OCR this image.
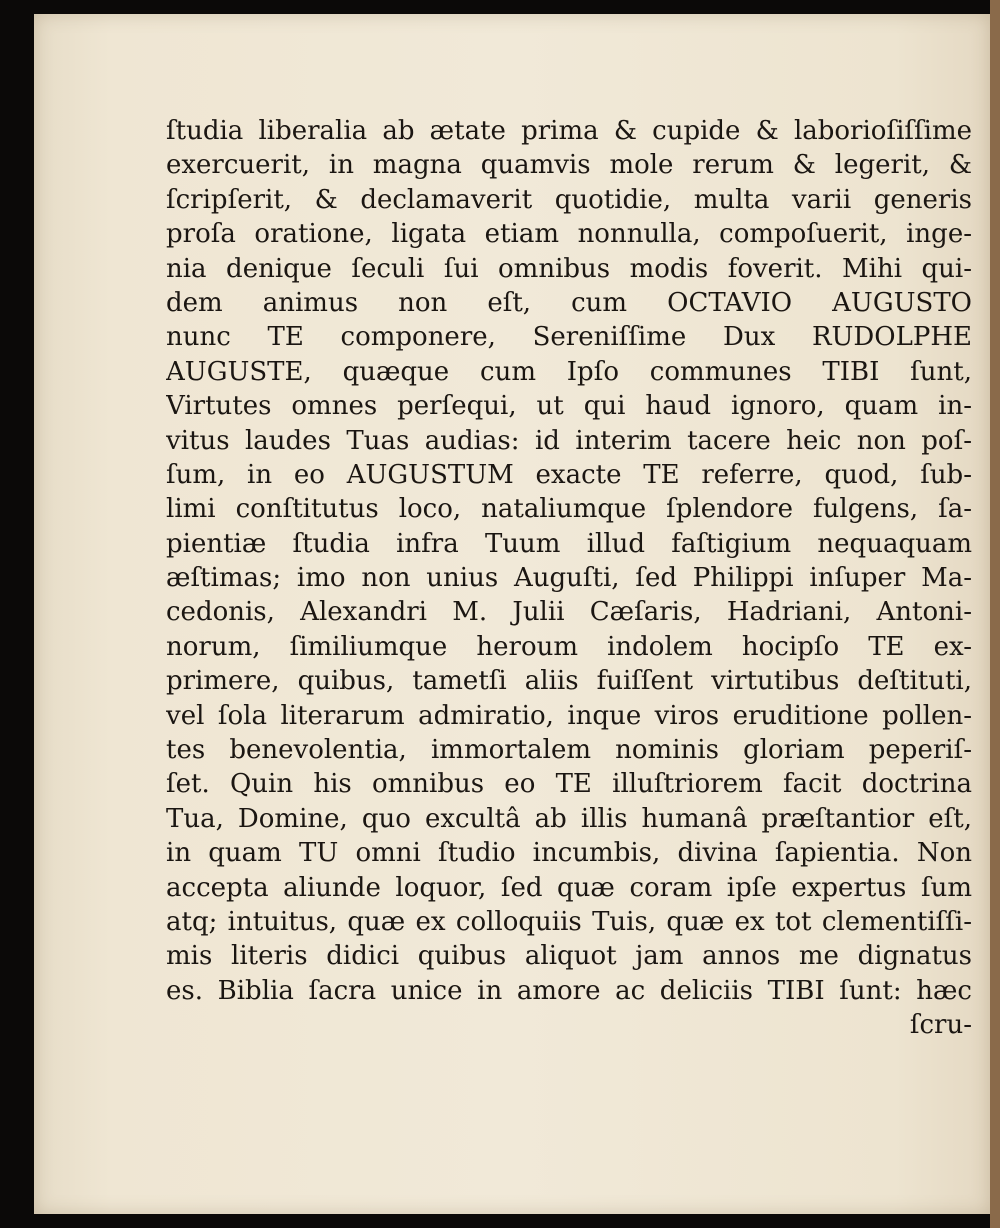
ſtudia liberalia ab ætate prima & cupide & laborioſiſſime
exercuerit, in magna quamvis mole rerum & legerit, &
ſcripſerit, & declamaverit quotidie, multa varii generis
proſa oratione, ligata etiam nonnulla, compoſuerit, inge-
nia denique ſeculi ſui omnibus modis foverit. Mihi qui-
dem animus non eſt, cum OCTAVIO AUGUSTO
nunc TE componere, Sereniſſime Dux RUDOLPHE
AUGUSTE, quæque cum Ipſo communes TIBI ſunt,
Virtutes omnes perſequi, ut qui haud ignoro, quam in-
vitus laudes Tuas audias: id interim tacere heic non poſ-
ſum, in eo AUGUSTUM exacte TE referre, quod, ſub-
limi conſtitutus loco, nataliumque ſplendore fulgens, ſa-
pientiæ ſtudia infra Tuum illud faſtigium nequaquam
æſtimas; imo non unius Auguſti, ſed Philippi inſuper Ma-
cedonis, Alexandri M. Julii Cæſaris, Hadriani, Antoni-
norum, ſimiliumque heroum indolem hocipſo TE ex-
primere, quibus, tametſi aliis fuiſſent virtutibus deſtituti,
vel ſola literarum admiratio, inque viros eruditione pollen-
tes benevolentia, immortalem nominis gloriam peperiſ-
ſet. Quin his omnibus eo TE illuſtriorem facit doctrina
Tua, Domine, quo excultâ ab illis humanâ præſtantior eſt,
in quam TU omni ſtudio incumbis, divina ſapientia. Non
accepta aliunde loquor, ſed quæ coram ipſe expertus ſum
atq; intuitus, quæ ex colloquiis Tuis, quæ ex tot clementiſſi-
mis literis didici quibus aliquot jam annos me dignatus
es. Biblia ſacra unice in amore ac deliciis TIBI ſunt: hæc
ſcru-
